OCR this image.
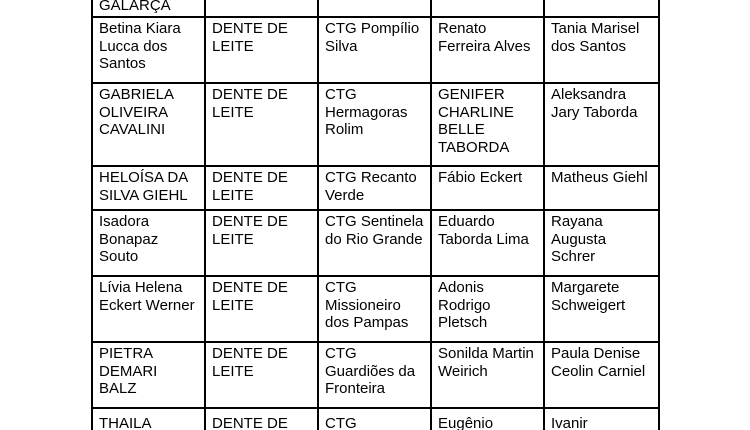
GALARÇA				

Betina Kiara
Lucca dos
Santos	DENTE DE
LEITE	CTG Pompílio
Silva	Renato
Ferreira Alves	Tania Marisel
dos Santos

GABRIELA
OLIVEIRA
CAVALINI	DENTE DE
LEITE	CTG
Hermagoras
Rolim	GENIFER
CHARLINE
BELLE
TABORDA	Aleksandra
Jary Taborda

HELOÍSA DA
SILVA GIEHL	DENTE DE
LEITE	CTG Recanto
Verde	Fábio Eckert	Matheus Giehl

Isadora
Bonapaz
Souto	DENTE DE
LEITE	CTG Sentinela
do Rio Grande	Eduardo
Taborda Lima	Rayana
Augusta
Schrer

Lívia Helena
Eckert Werner	DENTE DE
LEITE	CTG
Missioneiro
dos Pampas	Adonis
Rodrigo
Pletsch	Margarete
Schweigert

PIETRA
DEMARI
BALZ	DENTE DE
LEITE	CTG
Guardiões da
Fronteira	Sonilda Martin
Weirich	Paula Denise
Ceolin Carniel

THAILA	DENTE DE	CTG	Eugênio	Ivanir
